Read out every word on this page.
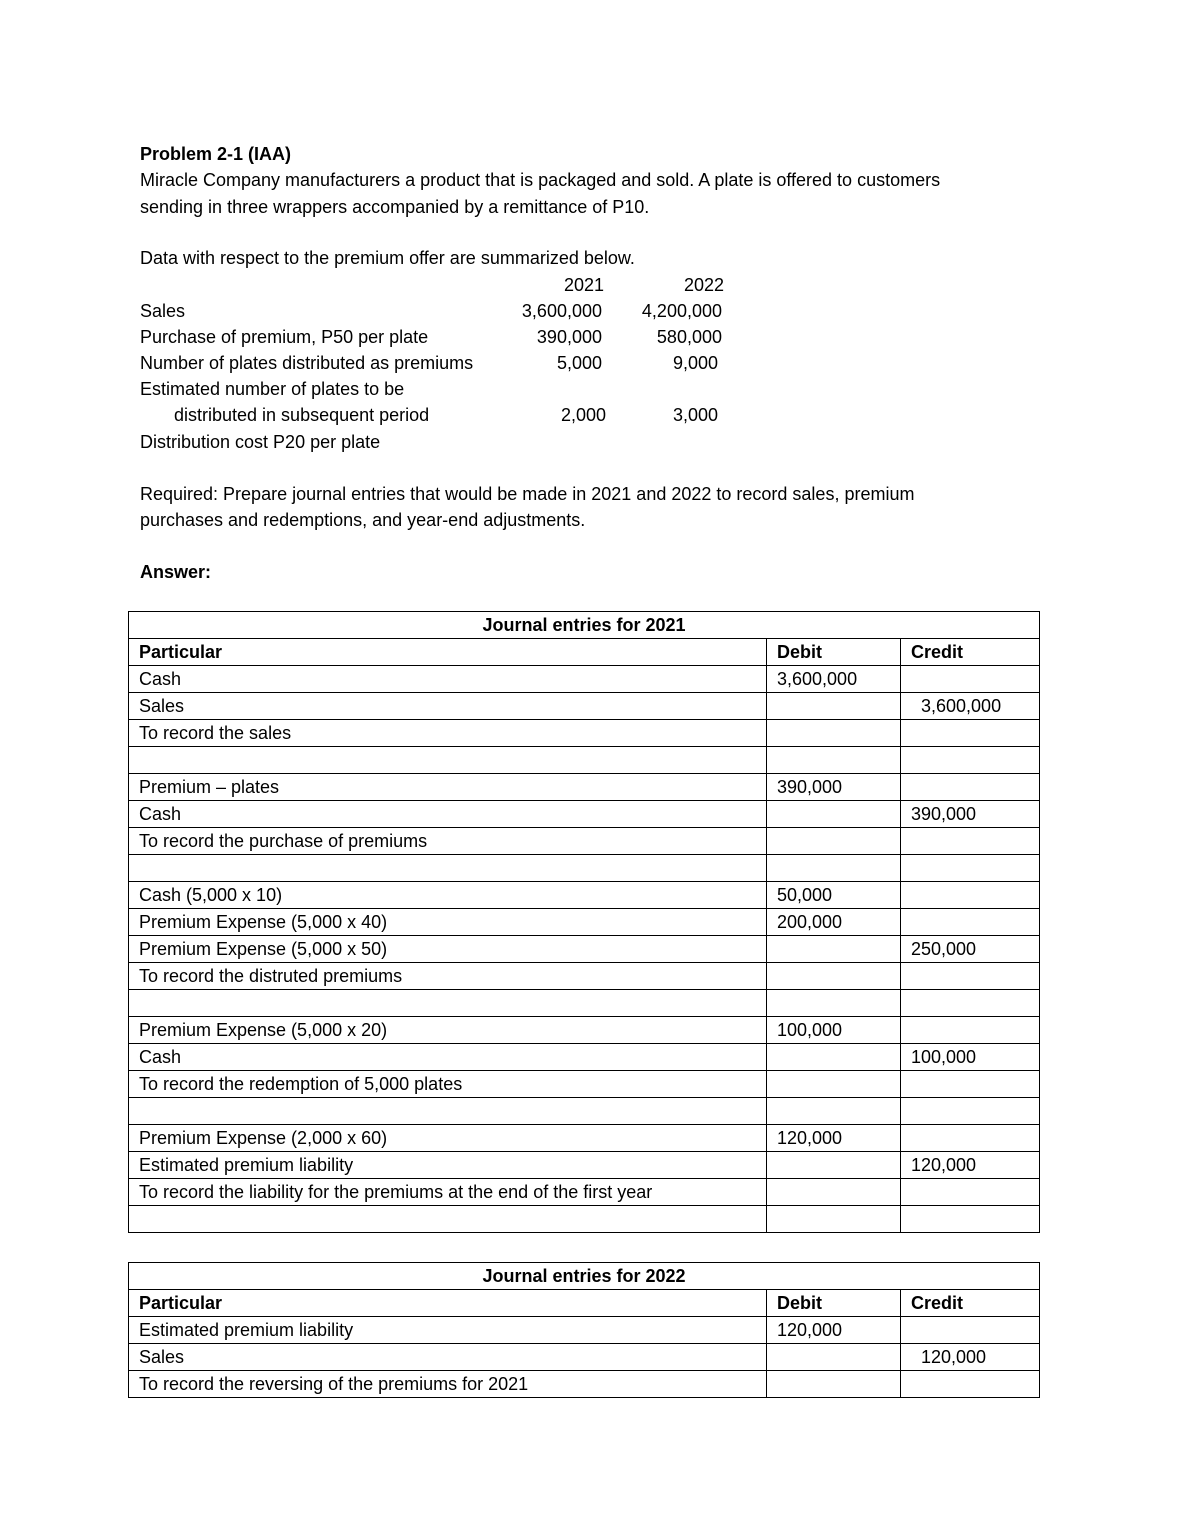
Problem 2-1 (IAA)
Miracle Company manufacturers a product that is packaged and sold. A plate is offered to customers
sending in three wrappers accompanied by a remittance of P10.
Data with respect to the premium offer are summarized below.
2021	2022
Sales	3,600,000	4,200,000
Purchase of premium, P50 per plate	390,000	580,000
Number of plates distributed as premiums	5,000	9,000
Estimated number of plates to be
distributed in subsequent period	2,000	3,000
Distribution cost P20 per plate
Required: Prepare journal entries that would be made in 2021 and 2022 to record sales, premium
purchases and redemptions, and year-end adjustments.
Answer:
Journal entries for 2021		
Particular	Debit	Credit
Cash	3,600,000	
Sales		3,600,000
To record the sales		

Premium – plates	390,000	
Cash		390,000
To record the purchase of premiums		

Cash (5,000 x 10)	50,000	
Premium Expense (5,000 x 40)	200,000	
Premium Expense (5,000 x 50)		250,000
To record the distruted premiums		

Premium Expense (5,000 x 20)	100,000	
Cash		100,000
To record the redemption of 5,000 plates		

Premium Expense (2,000 x 60)	120,000	
Estimated premium liability		120,000
To record the liability for the premiums at the end of the first year		

Journal entries for 2022		
Particular	Debit	Credit
Estimated premium liability	120,000	
Sales		120,000
To record the reversing of the premiums for 2021		
